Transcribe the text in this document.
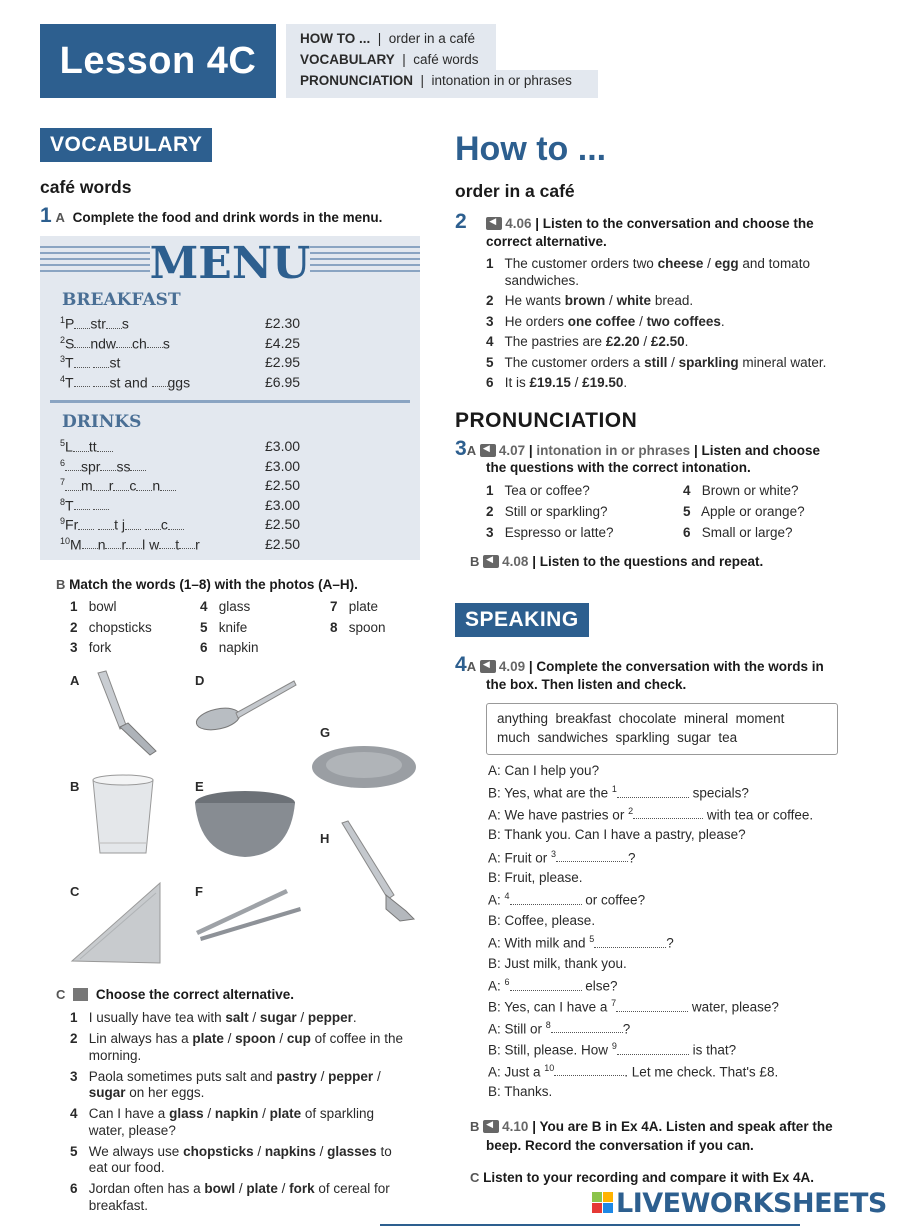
Lesson 4C
HOW TO ...  |  order in a café
VOCABULARY  |  café words
PRONUNCIATION  |  intonation in or phrases
VOCABULARY
café words
1 A Complete the food and drink words in the menu.
MENU
BREAKFAST
$^1$P str s	£2.30
$^2$S ndw ch s	£4.25
$^3$T	st	£2.95
$^4$T	st and ggs	£6.95
DRINKS
$^5$L tt	£3.00
$^6$ spr ss	£3.00
$^7$ m r c n	£2.50
$^8$T	£3.00
$^9$Fr	t j	c	£2.50
$^{10}$M n r l w t r	£2.50
B Match the words (1–8) with the photos (A–H).
1 bowl
2 chopsticks
3 fork
4 glass
5 knife
6 napkin
7 plate
8 spoon
A
B
C
D
E
F
G
H
C Choose the correct alternative.
1 I usually have tea with salt / sugar / pepper.
2 Lin always has a plate / spoon / cup of coffee in the
morning.
3 Paola sometimes puts salt and pastry / pepper /
sugar on her eggs.
4 Can I have a glass / napkin / plate of sparkling
water, please?
5 We always use chopsticks / napkins / glasses to
eat our food.
6 Jordan often has a bowl / plate / fork of cereal for
breakfast.
How to ...
order in a café
2 ◀	4.06 | Listen to the conversation and choose the
correct alternative.
1 The customer orders two cheese / egg and tomato
sandwiches.
2 He wants brown / white bread.
3 He orders one coffee / two coffees.
4 The pastries are £2.20 / £2.50.
5 The customer orders a still / sparkling mineral water.
6 It is £19.15 / £19.50.
PRONUNCIATION
3A ◀ 4.07 | intonation in or phrases | Listen and choose
the questions with the correct intonation.
1 Tea or coffee?
2 Still or sparkling?
3 Espresso or latte?
4 Brown or white?
5 Apple or orange?
6 Small or large?
B ◀ 4.08 | Listen to the questions and repeat.
SPEAKING
4A ◀ 4.09 | Complete the conversation with the words in
the box. Then listen and check.
anything  breakfast  chocolate  mineral  moment
much  sandwiches  sparkling  sugar  tea
A: Can I help you?
B: Yes, what are the $^1$	specials?
A: We have pastries or $^2$	with tea or coffee.
B: Thank you. Can I have a pastry, please?
A: Fruit or $^3$	?
B: Fruit, please.
A: $^4$	or coffee?
B: Coffee, please.
A: With milk and $^5$	?
B: Just milk, thank you.
A: $^6$	else?
B: Yes, can I have a $^7$	water, please?
A: Still or $^8$	?
B: Still, please. How $^9$	is that?
A: Just a $^{10}$	. Let me check. That's £8.
B: Thanks.
B ◀ 4.10 | You are B in Ex 4A. Listen and speak after the
beep. Record the conversation if you can.
C Listen to your recording and compare it with Ex 4A.
LIVEWORKSHEETS
